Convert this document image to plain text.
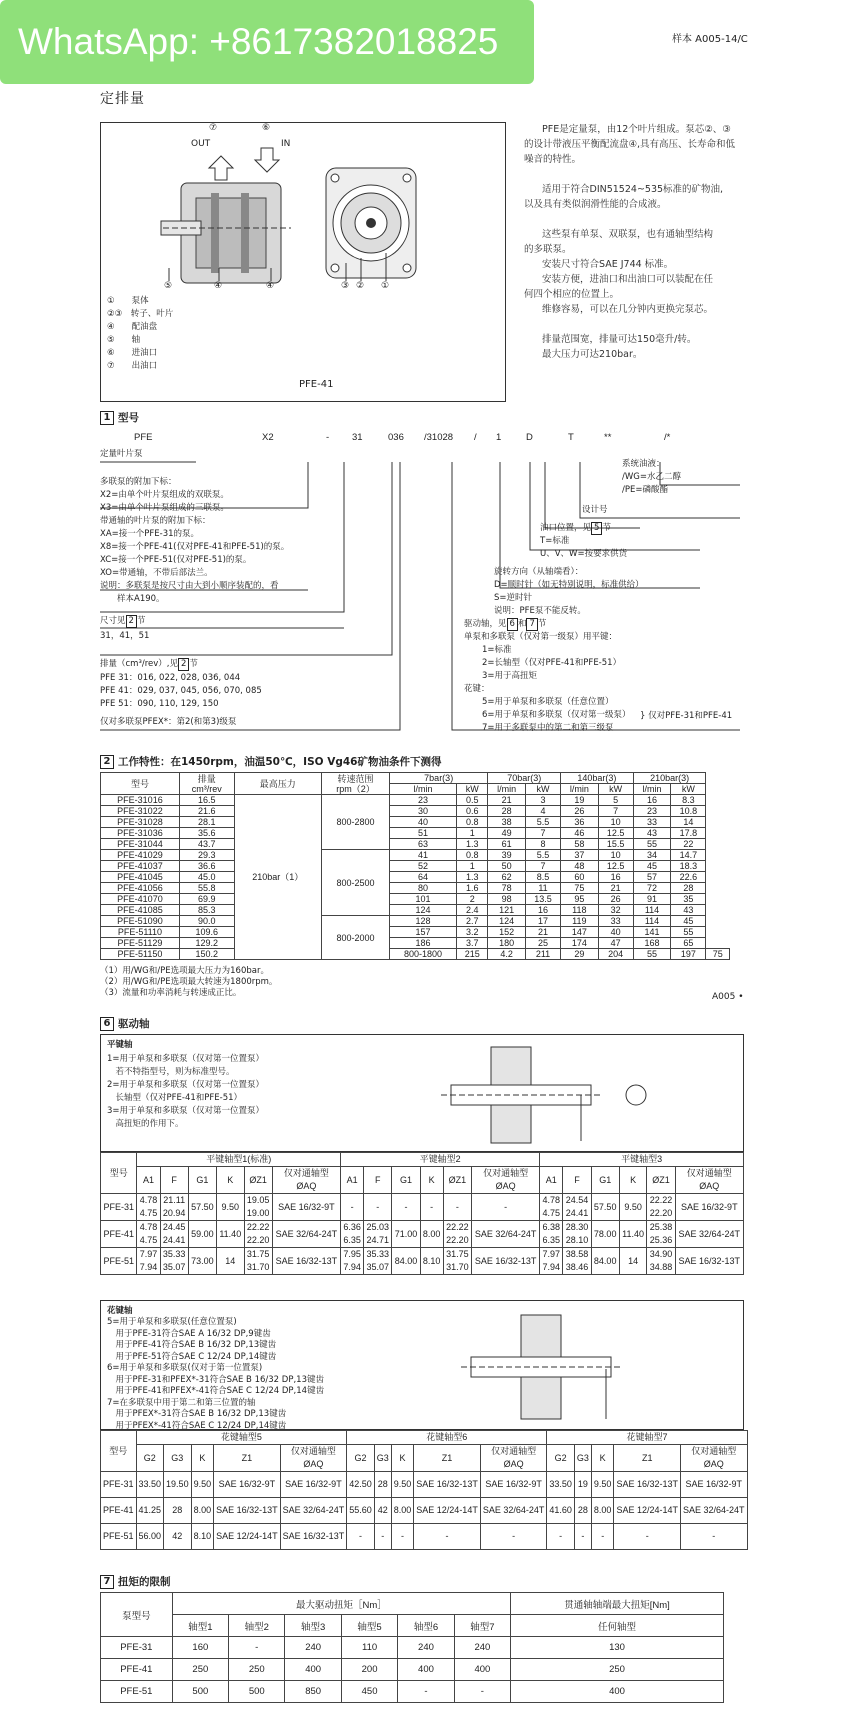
WhatsApp: +8617382018825	样本 A005-14/C
定排量
OUT
⑦	⑥
IN
⑤	④	④	③ ② ①
①　　 泵体
②③　 转子、叶片
④　　 配油盘
⑤　　 轴
⑥　　 进油口
⑦　　 出油口
PFE-41
PFE是定量泵，由12个叶片组成。泵芯②、③
的设计带液压平衡配流盘④,具有高压、长寿命和低
噪音的特性。

适用于符合DIN51524~535标准的矿物油,
以及具有类似润滑性能的合成液。

这些泵有单泵、双联泵，也有通轴型结构
的多联泵。
安装尺寸符合SAE J744 标准。
安装方便，进油口和出油口可以装配在任
何四个相应的位置上。
维修容易，可以在几分钟内更换完泵芯。

排量范围宽，排量可达150毫升/转。
最大压力可达210bar。
1 型号
PFE	X2	- 31	036 /31028 / 1	D	T	**	/*
定量叶片泵
多联泵的附加下标：
X2=由单个叶片泵组成的双联泵。
X3=由单个叶片泵组成的三联泵。
带通轴的叶片泵的附加下标：
XA=接一个PFE-31的泵。
X8=接一个PFE-41(仅对PFE-41和PFE-51)的泵。
XC=接一个PFE-51(仅对PFE-51)的泵。
XO=带通轴，不带后部法兰。
说明：多联泵是按尺寸由大到小顺序装配的，看
　　样本A190。
尺寸见 2 节
31，41，51
排量（cm³/rev）,见 2 节
PFE 31：016, 022, 028, 036, 044
PFE 41：029, 037, 045, 056, 070, 085
PFE 51：090, 110, 129, 150
仅对多联泵PFEX*：第2(和第3)级泵
系统油液：
/WG=水乙二醇
/PE=磷酸酯
设计号
油口位置，见 5 节
T=标准
U、V、W=按要求供货
旋转方向（从轴端看）：
D=顺时针（如无特别说明，标准供给）
S=逆时针
说明：PFE泵不能反转。
驱动轴，见 6 和 7 节
单泵和多联泵（仅对第一级泵）用平键：
1=标准
2=长轴型（仅对PFE-41和PFE-51）
3=用于高扭矩
花键：
5=用于单泵和多联泵（任意位置）
6=用于单泵和多联泵（仅对第一级泵）
7=用于多联泵中的第二和第三级泵
} 仅对PFE-31和PFE-41
2 工作特性：在1450rpm，油温50℃，ISO Vg46矿物油条件下测得
型号	排量
cm³/rev	最高压力	转速范围
rpm（2）	7bar(3)		70bar(3)		140bar(3)		210bar(3)		
				l/min	kW	l/min	kW	l/min	kW	l/min	kW	
PFE-31016	16.5	210bar（1）	800-2800	23	0.5	21	3	19	5	16	8.3	
PFE-31022	21.6			30	0.6	28	4	26	7	23	10.8	
PFE-31028	28.1			40	0.8	38	5.5	36	10	33	14	
PFE-31036	35.6			51	1	49	7	46	12.5	43	17.8	
PFE-31044	43.7			63	1.3	61	8	58	15.5	55	22	
PFE-41029	29.3		800-2500	41	0.8	39	5.5	37	10	34	14.7	
PFE-41037	36.6			52	1	50	7	48	12.5	45	18.3	
PFE-41045	45.0			64	1.3	62	8.5	60	16	57	22.6	
PFE-41056	55.8			80	1.6	78	11	75	21	72	28	
PFE-41070	69.9			101	2	98	13.5	95	26	91	35	
PFE-41085	85.3			124	2.4	121	16	118	32	114	43	
PFE-51090	90.0		800-2000	128	2.7	124	17	119	33	114	45	
PFE-51110	109.6			157	3.2	152	21	147	40	141	55	
PFE-51129	129.2			186	3.7	180	25	174	47	168	65	
PFE-51150	150.2			800-1800	215	4.2	211	29	204	55	197	75
（1）用/WG和/PE选项最大压力为160bar。
（2）用/WG和/PE选项最大转速为1800rpm。
（3）流量和功率消耗与转速成正比。	A005 •
6 驱动轴
平键轴
1=用于单泵和多联泵（仅对第一位置泵）
　若不特指型号，则为标准型号。
2=用于单泵和多联泵（仅对第一位置泵）
　长轴型（仅对PFE-41和PFE-51）
3=用于单泵和多联泵（仅对第一位置泵）
　高扭矩的作用下。
型号	平键轴型1(标准)						平键轴型2						平键轴型3					
	A1	F	G1	K	ØZ1	仅对通轴型
ØAQ	A1	F	G1	K	ØZ1	仅对通轴型
ØAQ	A1	F	G1	K	ØZ1	仅对通轴型
ØAQ
PFE-31	4.78
4.75	21.11
20.94	57.50	9.50	19.05
19.00	SAE 16/32-9T	-	-	-	-	-	-	4.78
4.75	24.54
24.41	57.50	9.50	22.22
22.20	SAE 16/32-9T
PFE-41	4.78
4.75	24.45
24.41	59.00	11.40	22.22
22.20	SAE 32/64-24T	6.36
6.35	25.03
24.71	71.00	8.00	22.22
22.20	SAE 32/64-24T	6.38
6.35	28.30
28.10	78.00	11.40	25.38
25.36	SAE 32/64-24T
PFE-51	7.97
7.94	35.33
35.07	73.00	14	31.75
31.70	SAE 16/32-13T	7.95
7.94	35.33
35.07	84.00	8.10	31.75
31.70	SAE 16/32-13T	7.97
7.94	38.58
38.46	84.00	14	34.90
34.88	SAE 16/32-13T
花键轴
5=用于单泵和多联泵(任意位置泵)
　用于PFE-31符合SAE A 16/32 DP,9键齿
　用于PFE-41符合SAE B 16/32 DP,13键齿
　用于PFE-51符合SAE C 12/24 DP,14键齿
6=用于单泵和多联泵(仅对于第一位置泵)
　用于PFE-31和PFEX*-31符合SAE B 16/32 DP,13键齿
　用于PFE-41和PFEX*-41符合SAE C 12/24 DP,14键齿
7=在多联泵中用于第二和第三位置的轴
　用于PFEX*-31符合SAE B 16/32 DP,13键齿
　用于PFEX*-41符合SAE C 12/24 DP,14键齿
型号	花键轴型5					花键轴型6					花键轴型7				
	G2	G3	K	Z1	仅对通轴型
ØAQ	G2	G3	K	Z1	仅对通轴型
ØAQ	G2	G3	K	Z1	仅对通轴型
ØAQ
PFE-31	33.50	19.50	9.50	SAE 16/32-9T	SAE 16/32-9T	42.50	28	9.50	SAE 16/32-13T	SAE 16/32-9T	33.50	19	9.50	SAE 16/32-13T	SAE 16/32-9T
PFE-41	41.25	28	8.00	SAE 16/32-13T	SAE 32/64-24T	55.60	42	8.00	SAE 12/24-14T	SAE 32/64-24T	41.60	28	8.00	SAE 12/24-14T	SAE 32/64-24T
PFE-51	56.00	42	8.10	SAE 12/24-14T	SAE 16/32-13T	-	-	-	-	-	-	-	-	-	-
7 扭矩的限制
泵型号	最大驱动扭矩［Nm］						贯通轴轴端最大扭矩[Nm]
	轴型1	轴型2	轴型3	轴型5	轴型6	轴型7	任何轴型
PFE-31	160	-	240	110	240	240	130
PFE-41	250	250	400	200	400	400	250
PFE-51	500	500	850	450	-	-	400
